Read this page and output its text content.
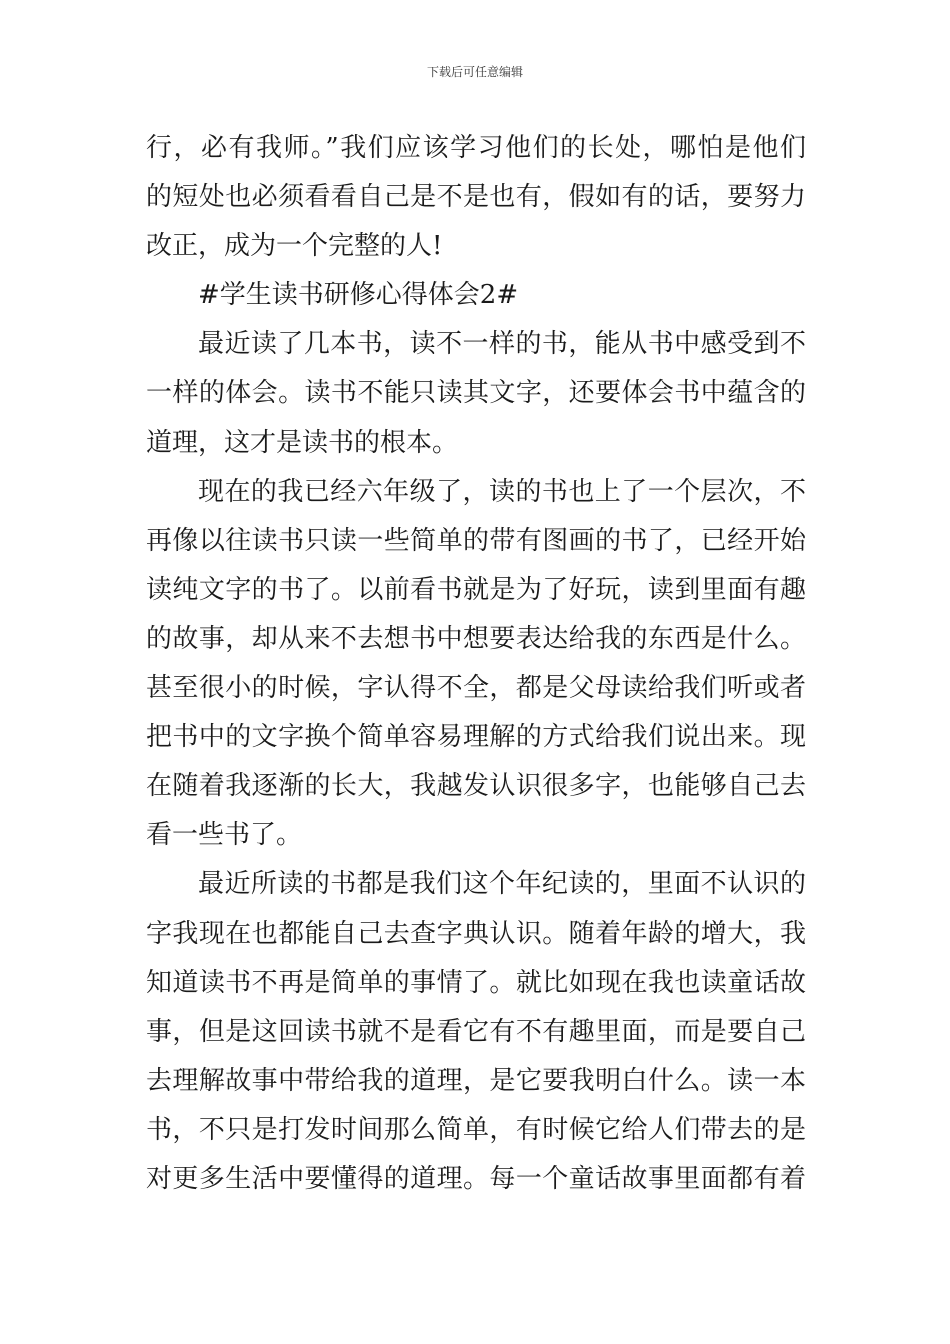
下载后可任意编辑
行，必有我师。”我们应该学习他们的长处，哪怕是他们
的短处也必须看看自己是不是也有，假如有的话，要努力
改正，成为一个完整的人!
#学生读书研修心得体会2#
最近读了几本书，读不一样的书，能从书中感受到不
一样的体会。读书不能只读其文字，还要体会书中蕴含的
道理，这才是读书的根本。
现在的我已经六年级了，读的书也上了一个层次，不
再像以往读书只读一些简单的带有图画的书了，已经开始
读纯文字的书了。以前看书就是为了好玩，读到里面有趣
的故事，却从来不去想书中想要表达给我的东西是什么。
甚至很小的时候，字认得不全，都是父母读给我们听或者
把书中的文字换个简单容易理解的方式给我们说出来。现
在随着我逐渐的长大，我越发认识很多字，也能够自己去
看一些书了。
最近所读的书都是我们这个年纪读的，里面不认识的
字我现在也都能自己去查字典认识。随着年龄的增大，我
知道读书不再是简单的事情了。就比如现在我也读童话故
事，但是这回读书就不是看它有不有趣里面，而是要自己
去理解故事中带给我的道理，是它要我明白什么。读一本
书，不只是打发时间那么简单，有时候它给人们带去的是
对更多生活中要懂得的道理。每一个童话故事里面都有着
